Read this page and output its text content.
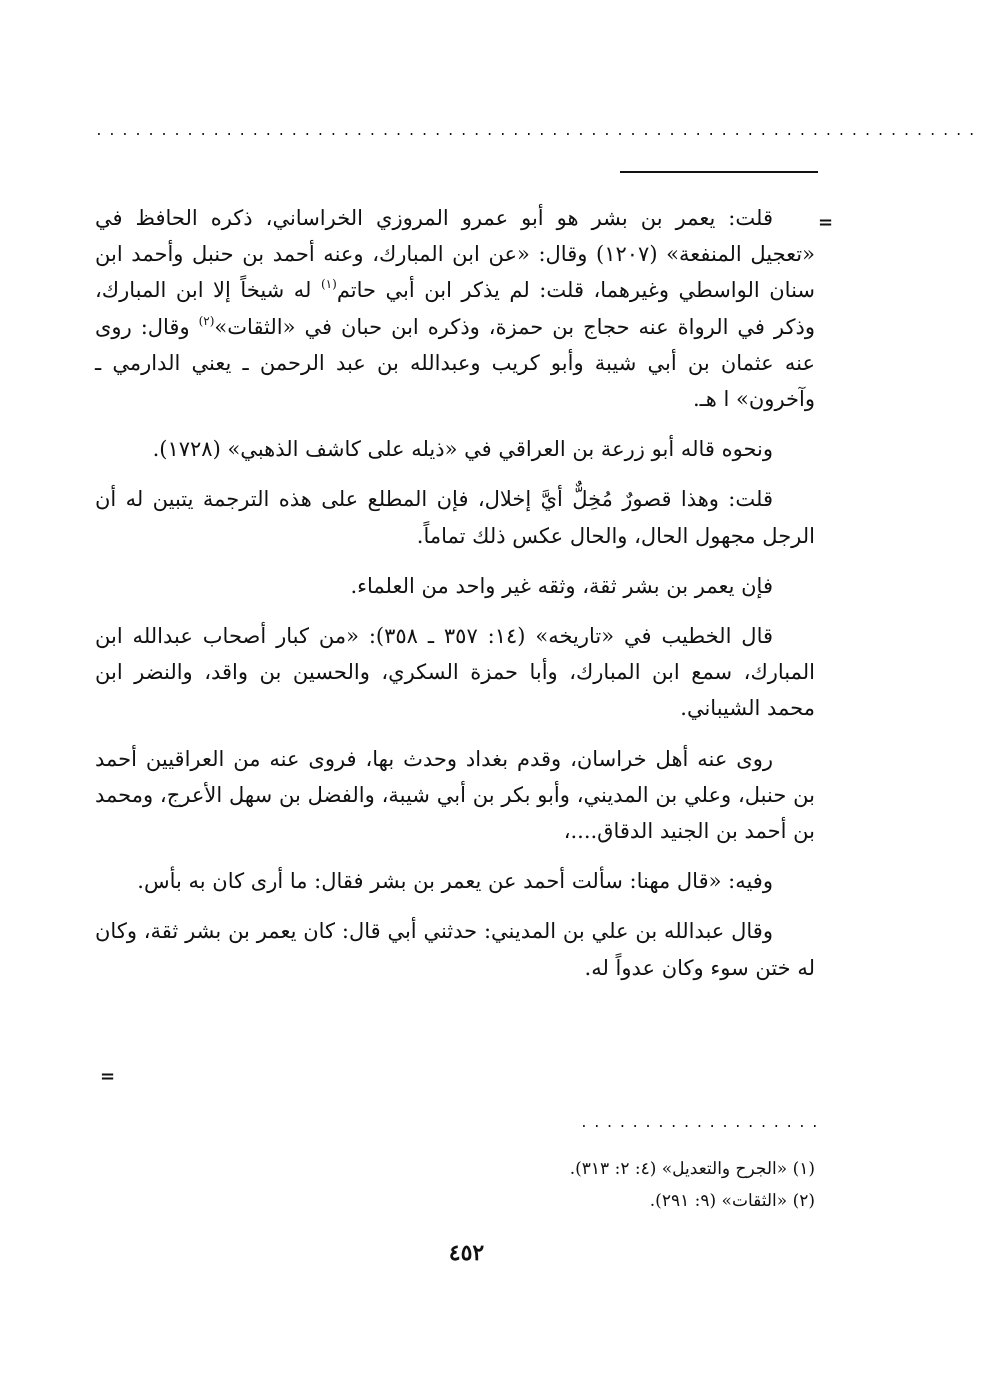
....................................................................
=

قلت: يعمر بن بشر هو أبو عمرو المروزي الخراساني، ذكره الحافظ في «تعجيل المنفعة» (١٢٠٧) وقال: «عن ابن المبارك، وعنه أحمد بن حنبل وأحمد ابن سنان الواسطي وغيرهما، قلت: لم يذكر ابن أبي حاتم$^{(١)}$ له شيخاً إلا ابن المبارك، وذكر في الرواة عنه حجاج بن حمزة، وذكره ابن حبان في «الثقات»$^{(٢)}$ وقال: روى عنه عثمان بن أبي شيبة وأبو كريب وعبدالله بن عبد الرحمن ـ يعني الدارمي ـ وآخرون» ا هـ.

ونحوه قاله أبو زرعة بن العراقي في «ذيله على كاشف الذهبي» (١٧٢٨).

قلت: وهذا قصورٌ مُخِلٌّ أيَّ إخلال، فإن المطلع على هذه الترجمة يتبين له أن الرجل مجهول الحال، والحال عكس ذلك تماماً.

فإن يعمر بن بشر ثقة، وثقه غير واحد من العلماء.

قال الخطيب في «تاريخه» (١٤: ٣٥٧ ـ ٣٥٨): «من كبار أصحاب عبدالله ابن المبارك، سمع ابن المبارك، وأبا حمزة السكري، والحسين بن واقد، والنضر ابن محمد الشيباني.

روى عنه أهل خراسان، وقدم بغداد وحدث بها، فروى عنه من العراقيين أحمد بن حنبل، وعلي بن المديني، وأبو بكر بن أبي شيبة، والفضل بن سهل الأعرج، ومحمد بن أحمد بن الجنيد الدقاق....،

وفيه: «قال مهنا: سألت أحمد عن يعمر بن بشر فقال: ما أرى كان به بأس.

وقال عبدالله بن علي بن المديني: حدثني أبي قال: كان يعمر بن بشر ثقة، وكان له ختن سوء وكان عدواً له.

=
...................
(١) «الجرح والتعديل» (٤: ٢: ٣١٣).
(٢) «الثقات» (٩: ٢٩١).
٤٥٢
